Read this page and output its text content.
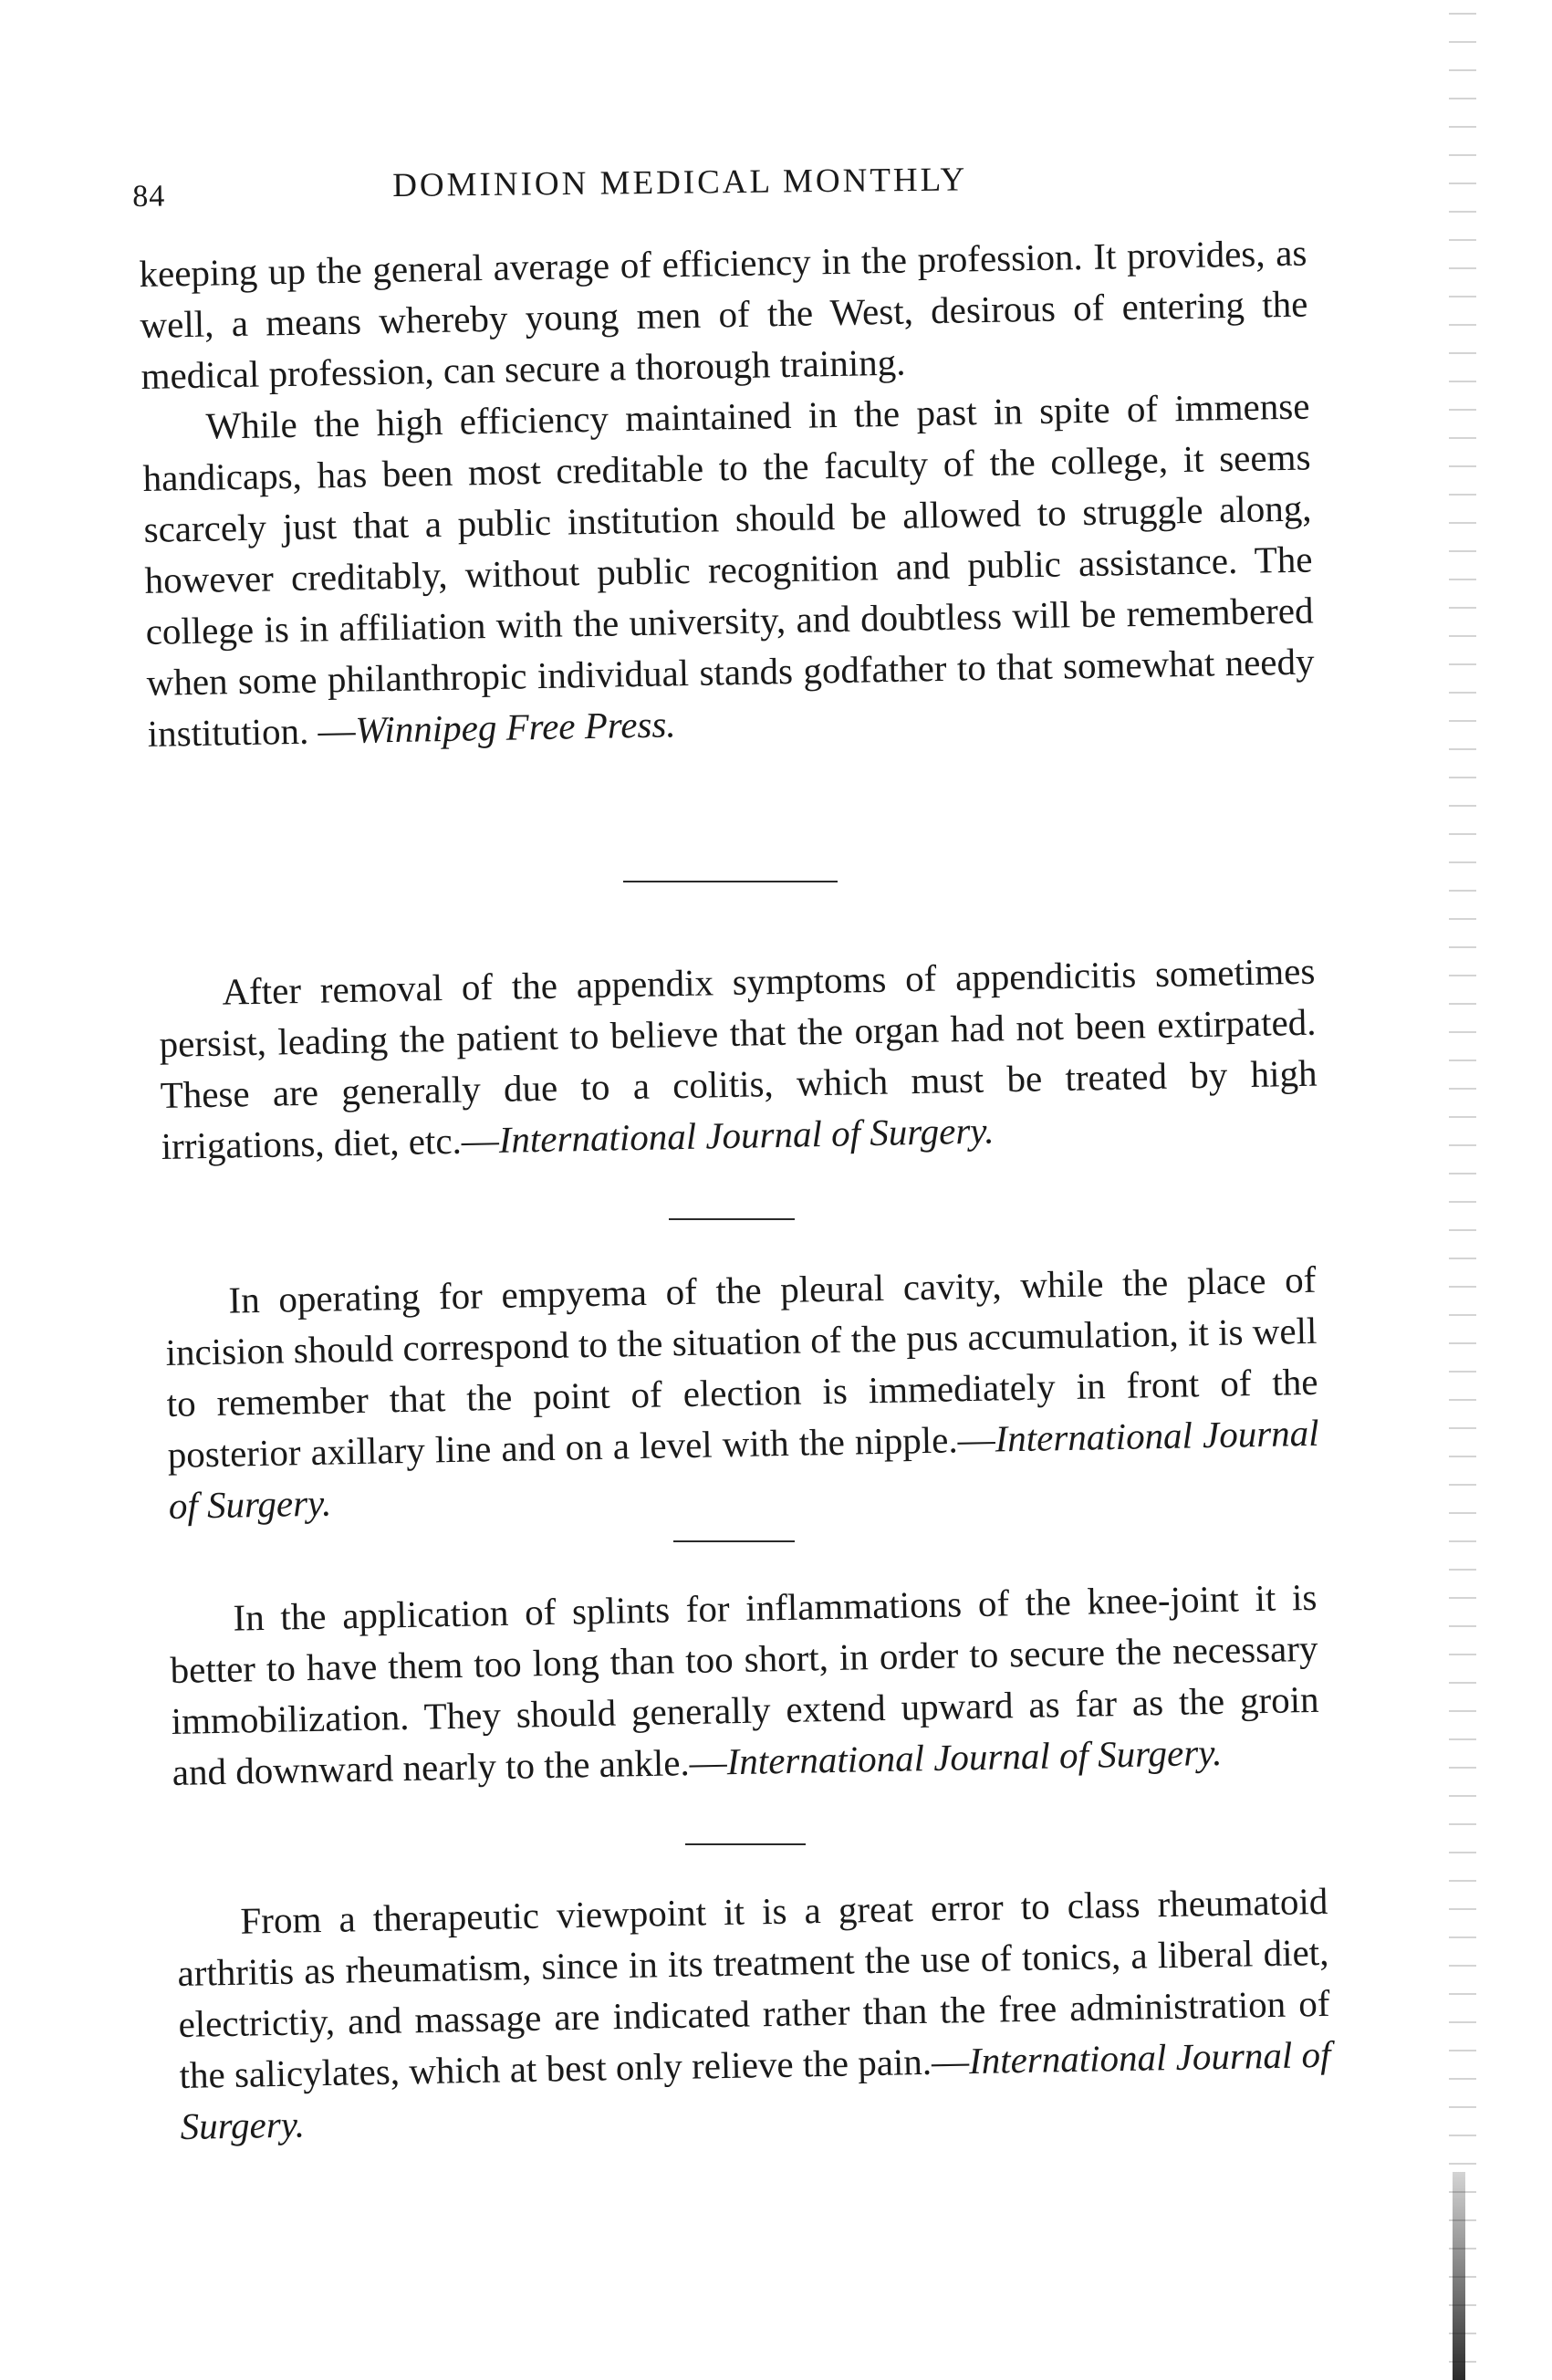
84	DOMINION MEDICAL MONTHLY

keeping up the general average of efficiency in the profession. It provides, as well, a means whereby young men of the West, desirous of entering the medical profession, can secure a thorough training.

While the high efficiency maintained in the past in spite of immense handicaps, has been most creditable to the faculty of the college, it seems scarcely just that a public institution should be allowed to struggle along, however creditably, without public recognition and public assistance. The college is in affiliation with the university, and doubtless will be remembered when some philanthropic individual stands godfather to that somewhat needy institution. —Winnipeg Free Press.

After removal of the appendix symptoms of appendicitis sometimes persist, leading the patient to believe that the organ had not been extirpated. These are generally due to a colitis, which must be treated by high irrigations, diet, etc.—International Journal of Surgery.

In operating for empyema of the pleural cavity, while the place of incision should correspond to the situation of the pus accumulation, it is well to remember that the point of election is immediately in front of the posterior axillary line and on a level with the nipple.—International Journal of Surgery.

In the application of splints for inflammations of the knee-joint it is better to have them too long than too short, in order to secure the necessary immobilization. They should generally extend upward as far as the groin and downward nearly to the ankle.—International Journal of Surgery.

From a therapeutic viewpoint it is a great error to class rheumatoid arthritis as rheumatism, since in its treatment the use of tonics, a liberal diet, electrictiy, and massage are indicated rather than the free administration of the salicylates, which at best only relieve the pain.—International Journal of Surgery.
